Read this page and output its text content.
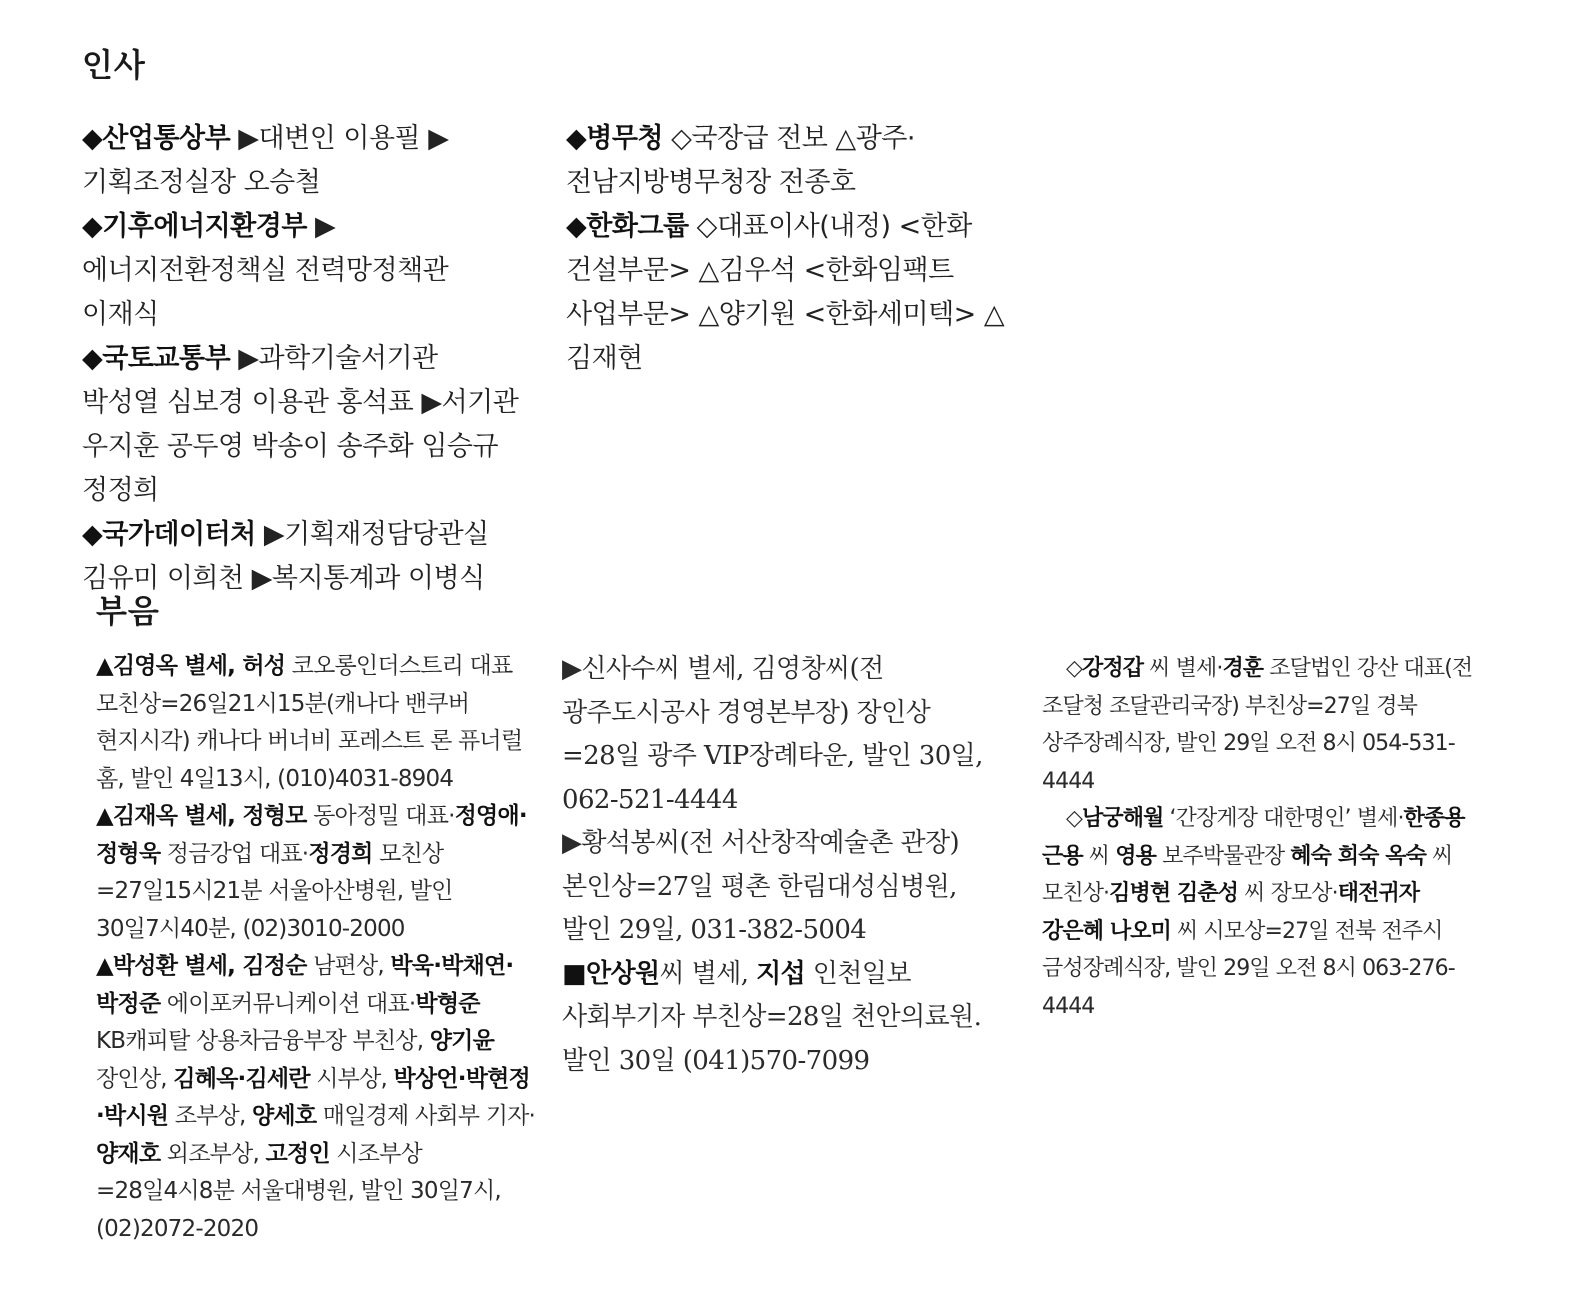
인사

◆산업통상부 ▶대변인 이용필 ▶기획조정실장 오승철

◆기후에너지환경부 ▶에너지전환정책실 전력망정책관 이재식

◆국토교통부 ▶과학기술서기관 박성열 심보경 이용관 홍석표 ▶서기관 우지훈 공두영 박송이 송주화 임승규 정정희

◆국가데이터처 ▶기획재정담당관실 김유미 이희천 ▶복지통계과 이병식

◆병무청 ◇국장급 전보 △광주·전남지방병무청장 전종호

◆한화그룹 ◇대표이사(내정) <한화 건설부문> △김우석 <한화임팩트 사업부문> △양기원 <한화세미텍> △김재현

부음

▲김영옥 별세, 허성 코오롱인더스트리 대표 모친상=26일21시15분(캐나다 밴쿠버 현지시각) 캐나다 버너비 포레스트 론 퓨너럴 홈, 발인 4일13시, (010)4031-8904

▲김재옥 별세, 정형모 동아정밀 대표·정영애·정형욱 정금강업 대표·정경희 모친상=27일15시21분 서울아산병원, 발인 30일7시40분, (02)3010-2000

▲박성환 별세, 김정순 남편상, 박욱·박채연·박정준 에이포커뮤니케이션 대표·박형준 KB캐피탈 상용차금융부장 부친상, 양기윤 장인상, 김혜옥·김세란 시부상, 박상언·박현정·박시원 조부상, 양세호 매일경제 사회부 기자·양재호 외조부상, 고정인 시조부상=28일4시8분 서울대병원, 발인 30일7시, (02)2072-2020

▶신사수씨 별세, 김영창씨(전 광주도시공사 경영본부장) 장인상=28일 광주 VIP장례타운, 발인 30일, 062-521-4444

▶황석봉씨(전 서산창작예술촌 관장) 본인상=27일 평촌 한림대성심병원, 발인 29일, 031-382-5004

■안상원씨 별세, 지섭 인천일보 사회부기자 부친상=28일 천안의료원. 발인 30일 (041)570-7099

◇강정갑 씨 별세·경훈 조달법인 강산 대표(전 조달청 조달관리국장) 부친상=27일 경북 상주장례식장, 발인 29일 오전 8시 054-531-4444

◇남궁해월 ‘간장게장 대한명인’ 별세·한종용 근용 씨 영용 보주박물관장 혜숙 희숙 옥숙 씨 모친상·김병현 김춘성 씨 장모상·태전귀자 강은혜 나오미 씨 시모상=27일 전북 전주시 금성장례식장, 발인 29일 오전 8시 063-276-4444
